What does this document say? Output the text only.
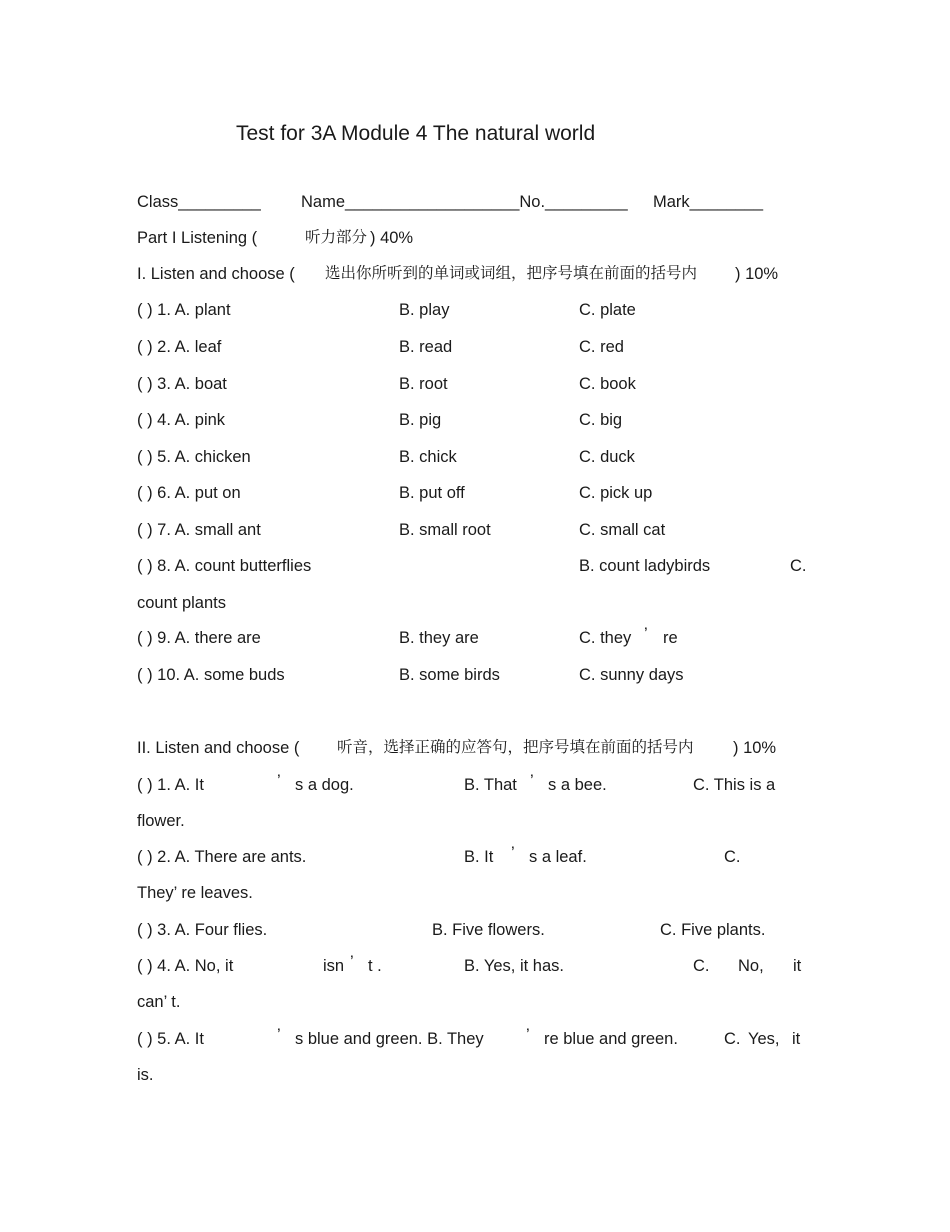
Test for 3A Module 4 The natural world
Class_________ Name___________________No._________ Mark________
Part I Listening (	听力部分 ) 40%
I. Listen and choose ( 选出你所听到的单词或词组，把序号填在前面的括号内 ) 10%
( ) 1. A. plant	B. play	C. plate
( ) 2. A. leaf	B. read	C. red
( ) 3. A. boat	B. root	C. book
( ) 4. A. pink	B. pig	C. big
( ) 5. A. chicken	B. chick	C. duck
( ) 6. A. put on	B. put off	C. pick up
( ) 7. A. small ant	B. small root	C. small cat
( ) 8. A. count butterflies	B. count ladybirds	C.
count plants
( ) 9. A. there are	B. they are	C. they ’ re
( ) 10. A. some buds	B. some birds	C. sunny days
II. Listen and choose ( 听音，选择正确的应答句，把序号填在前面的括号内 ) 10%
( ) 1. A. It	’ s a dog.	B. That ’ s a bee.	C. This is a
flower.
( ) 2. A. There are ants.	B. It ’ s a leaf.	C.
They’ re leaves.
( ) 3. A. Four flies.	B. Five flowers.	C. Five plants.
( ) 4. A. No, it	isn ’ t .	B. Yes, it has.	C. No, it
can’ t.
( ) 5. A. It	’ s blue and green. B. They	’ re blue and green.	C. Yes, it
is.
